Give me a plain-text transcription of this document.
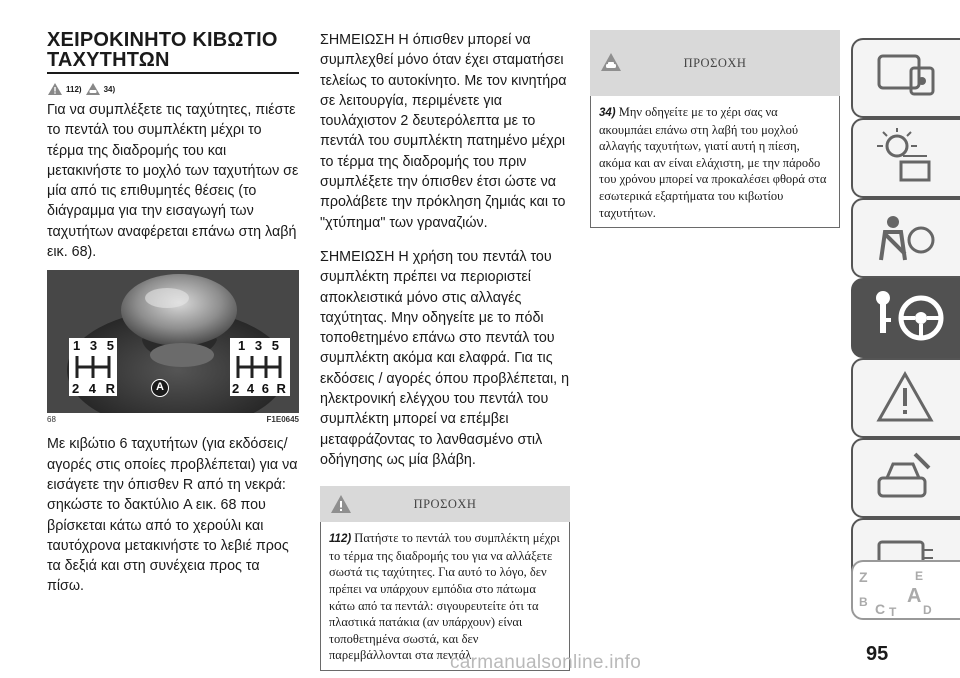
ΧΕΙΡΟΚΙΝΗΤΟ ΚΙΒΩΤΙΟ
ΤΑΧΥΤΗΤΩΝ
112)	34)
Για να συμπλέξετε τις ταχύτητες, πιέστε το πεντάλ του συμπλέκτη μέχρι το τέρμα της διαδρομής του και μετακινήστε το μοχλό των ταχυτήτων σε μία από τις επιθυμητές θέσεις (το διάγραμμα για την εισαγωγή των ταχυτήτων αναφέρεται επάνω στη λαβή εικ. 68).
1 3 5
2 4 R
1 3 5
2 4 6 R
A
68	F1E0645
Με κιβώτιο 6 ταχυτήτων (για εκδόσεις/αγορές στις οποίες προβλέπεται) για να εισάγετε την όπισθεν R από τη νεκρά: σηκώστε το δακτύλιο A εικ. 68 που βρίσκεται κάτω από το χερούλι και ταυτόχρονα μετακινήστε το λεβιέ προς τα δεξιά και στη συνέχεια προς τα πίσω.
ΣΗΜΕΙΩΣΗ Η όπισθεν μπορεί να συμπλεχθεί μόνο όταν έχει σταματήσει τελείως το αυτοκίνητο. Με τον κινητήρα σε λειτουργία, περιμένετε για τουλάχιστον 2 δευτερόλεπτα με το πεντάλ του συμπλέκτη πατημένο μέχρι το τέρμα της διαδρομής του πριν συμπλέξετε την όπισθεν έτσι ώστε να προλάβετε την πρόκληση ζημιάς και το "χτύπημα" των γραναζιών.
ΣΗΜΕΙΩΣΗ Η χρήση του πεντάλ του συμπλέκτη πρέπει να περιοριστεί αποκλειστικά μόνο στις αλλαγές ταχύτητας. Μην οδηγείτε με το πόδι τοποθετημένο επάνω στο πεντάλ του συμπλέκτη ακόμα και ελαφρά. Για τις εκδόσεις / αγορές όπου προβλέπεται, η ηλεκτρονική ελέγχου του πεντάλ του συμπλέκτη μπορεί να επέμβει μεταφράζοντας το λανθασμένο στιλ οδήγησης ως μία βλάβη.
ΠΡΟΣΟΧΗ
112) Πατήστε το πεντάλ του συμπλέκτη μέχρι το τέρμα της διαδρομής του για να αλλάξετε σωστά τις ταχύτητες. Για αυτό το λόγο, δεν πρέπει να υπάρχουν εμπόδια στο πάτωμα κάτω από τα πεντάλ: σιγουρευτείτε ότι τα πλαστικά πατάκια (αν υπάρχουν) είναι τοποθετημένα σωστά, και δεν παρεμβάλλονται στα πεντάλ.
ΠΡΟΣΟΧΗ
34) Μην οδηγείτε με το χέρι σας να ακουμπάει επάνω στη λαβή του μοχλού αλλαγής ταχυτήτων, γιατί αυτή η πίεση, ακόμα και αν είναι ελάχιστη, με την πάροδο του χρόνου μπορεί να προκαλέσει φθορά στα εσωτερικά εξαρτήματα του κιβωτίου ταχυτήτων.
Z	E
B A
C T D
95
carmanualsonline.info
